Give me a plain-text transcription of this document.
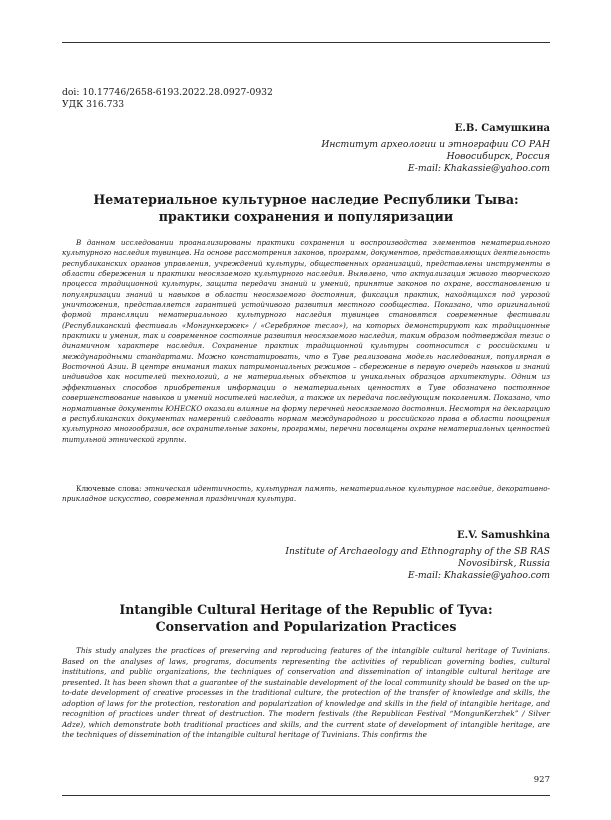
doi: 10.17746/2658-6193.2022.28.0927-0932
УДК 316.733
Е.В. Самушкина
Институт археологии и этнографии СО РАН
Новосибирск, Россия
E-mail: Khakassie@yahoo.com
Нематериальное культурное наследие Республики Тыва:
практики сохранения и популяризации

В данном исследовании проанализированы практики сохранения и воспроизводства элементов нематериального культурного наследия тувинцев. На основе рассмотрения законов, программ, документов, представляющих деятельность республиканских органов управления, учреждений культуры, общественных организаций, представлены инструменты в области сбережения и практики неосязаемого культурного наследия. Выявлено, что актуализация живого творческого процесса традиционной культуры, защита передачи знаний и умений, принятие законов по охране, восстановлению и популяризации знаний и навыков в области неосязаемого достояния, фиксация практик, находящихся под угрозой уничтожения, представляется гарантией устойчивого развития местного сообщества. Показано, что оригинальной формой трансляции нематериального культурного наследия тувинцев становятся современные фестивали (Республиканский фестиваль «Монгункержек» / «Серебряное тесло»), на которых демонстрируют как традиционные практики и умения, так и современное состояние развития неосязаемого наследия, таким образом подтверждая тезис о динамичном характере наследия. Сохранение практик традиционной культуры соотносится с российскими и международными стандартами. Можно констатировать, что в Туве реализована модель наследования, популярная в Восточной Азии. В центре внимания таких патримониальных режимов – сбережение в первую очередь навыков и знаний индивидов как носителей технологий, а не материальных объектов и уникальных образцов архитектуры. Одним из эффективных способов приобретения информации о нематериальных ценностях в Туве обозначено постоянное совершенствование навыков и умений носителей наследия, а также их передача последующим поколениям. Показано, что нормативные документы ЮНЕСКО оказали влияние на форму перечней неосязаемого достояния. Несмотря на декларацию в республиканских документах намерений следовать нормам международного и российского права в области поощрения культурного многообразия, все охранительные законы, программы, перечни посвящены охране нематериальных ценностей титульной этнической группы.

Ключевые слова: этническая идентичность, культурная память, нематериальное культурное наследие, декоративно-прикладное искусство, современная праздничная культура.

E.V. Samushkina
Institute of Archaeology and Ethnography of the SB RAS
Novosibirsk, Russia
E-mail: Khakassie@yahoo.com
Intangible Cultural Heritage of the Republic of Tyva:
Conservation and Popularization Practices

This study analyzes the practices of preserving and reproducing features of the intangible cultural heritage of Tuvinians. Based on the analyses of laws, programs, documents representing the activities of republican governing bodies, cultural institutions, and public organizations, the techniques of conservation and dissemination of intangible cultural heritage are presented. It has been shown that a guarantee of the sustainable development of the local community should be based on the up-to-date development of creative processes in the traditional culture, the protection of the transfer of knowledge and skills, the adoption of laws for the protection, restoration and popularization of knowledge and skills in the field of intangible heritage, and recognition of practices under threat of destruction. The modern festivals (the Republican Festival “MongunKerzhek” / Silver Adze), which demonstrate both traditional practices and skills, and the current state of development of intangible heritage, are the techniques of dissemination of the intangible cultural heritage of Tuvinians. This confirms the

927
